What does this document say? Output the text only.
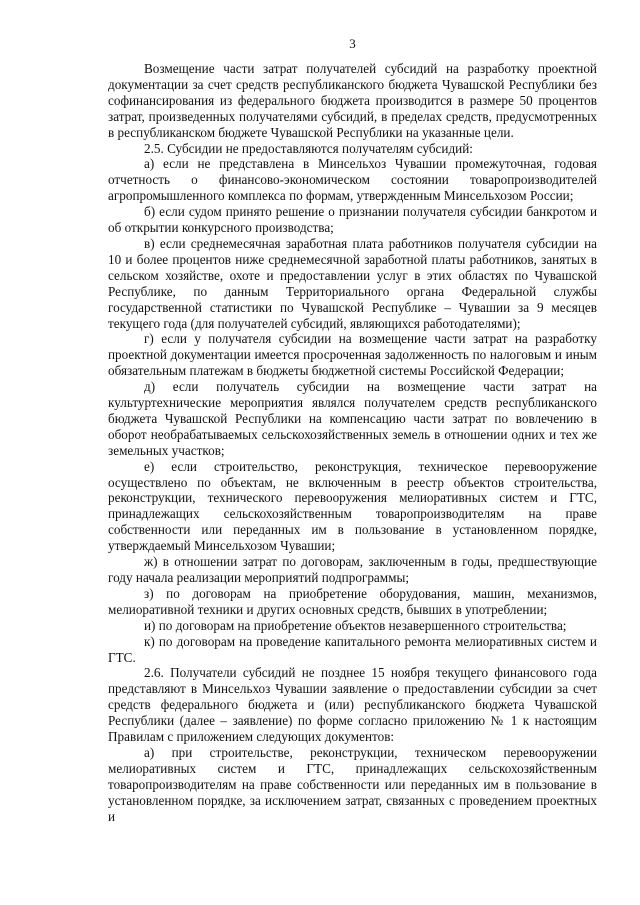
3

Возмещение части затрат получателей субсидий на разработку проектной документации за счет средств республиканского бюджета Чувашской Республики без софинансирования из федерального бюджета производится в размере 50 процентов затрат, произведенных получателями субсидий, в пределах средств, предусмотренных в республиканском бюджете Чувашской Республики на указанные цели.

2.5. Субсидии не предоставляются получателям субсидий:

а) если не представлена в Минсельхоз Чувашии промежуточная, годовая отчетность о финансово-экономическом состоянии товаропроизводителей агропромышленного комплекса по формам, утвержденным Минсельхозом России;

б) если судом принято решение о признании получателя субсидии банкротом и об открытии конкурсного производства;

в) если среднемесячная заработная плата работников получателя субсидии на 10 и более процентов ниже среднемесячной заработной платы работников, занятых в сельском хозяйстве, охоте и предоставлении услуг в этих областях по Чувашской Республике, по данным Территориального органа Федеральной службы государственной статистики по Чувашской Республике – Чувашии за 9 месяцев текущего года (для получателей субсидий, являющихся работодателями);

г) если у получателя субсидии на возмещение части затрат на разработку проектной документации имеется просроченная задолженность по налоговым и иным обязательным платежам в бюджеты бюджетной системы Российской Федерации;

д) если получатель субсидии на возмещение части затрат на культуртехнические мероприятия являлся получателем средств республиканского бюджета Чувашской Республики на компенсацию части затрат по вовлечению в оборот необрабатываемых сельскохозяйственных земель в отношении одних и тех же земельных участков;

е) если строительство, реконструкция, техническое перевооружение осуществлено по объектам, не включенным в реестр объектов строительства, реконструкции, технического перевооружения мелиоративных систем и ГТС, принадлежащих сельскохозяйственным товаропроизводителям на праве собственности или переданных им в пользование в установленном порядке, утверждаемый Минсельхозом Чувашии;

ж) в отношении затрат по договорам, заключенным в годы, предшествующие году начала реализации мероприятий подпрограммы;

з) по договорам на приобретение оборудования, машин, механизмов, мелиоративной техники и других основных средств, бывших в употреблении;

и) по договорам на приобретение объектов незавершенного строительства;

к) по договорам на проведение капитального ремонта мелиоративных систем и ГТС.

2.6. Получатели субсидий не позднее 15 ноября текущего финансового года представляют в Минсельхоз Чувашии заявление о предоставлении субсидии за счет средств федерального бюджета и (или) республиканского бюджета Чувашской Республики (далее – заявление) по форме согласно приложению № 1 к настоящим Правилам с приложением следующих документов:

а) при строительстве, реконструкции, техническом перевооружении мелиоративных систем и ГТС, принадлежащих сельскохозяйственным товаропроизводителям на праве собственности или переданных им в пользование в установленном порядке, за исключением затрат, связанных с проведением проектных и
